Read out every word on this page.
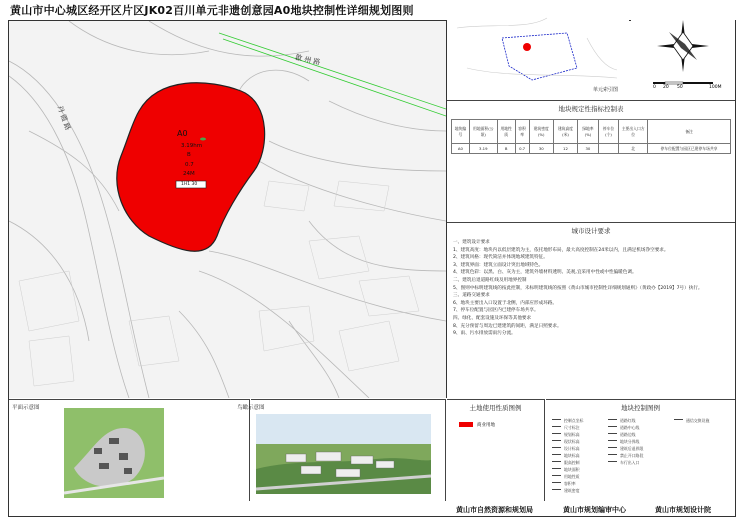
黄山市中心城区经开区片区JK02百川单元非遗创意园A0地块控制性详细规划图则
歙 州 路
丹 霞 路
A0
3.19hm
B
0.7
24M
1H1 30
单元索引图	0 20 50	100M
地块规定性指标控制表
地块编号	用地面积(公顷)	用地性质	容积率	建筑密度(%)	建筑高度(米)	绿地率(%)	停车位(个)	主要出入口方位	备注
A0	3.19	B	0.7	30	12	30		北	停车位配置与园区已建停车场共享
城市设计要求
一、建筑设计要求
1、建筑高度：地块内以低层建筑为主，依托地形布局，最大高度控制在24米以内，且满足机场净空要求。
2、建筑风格：现代简洁并体现地域建筑特征。
3、建筑界面：建筑立面设计突出地域特色。
4、建筑色彩：以黑、白、灰为主，建筑外墙材料透明、美观,宜采用中性或中性偏暖色调。
二、建筑后退道路红线及用地界控制
5、图则中标明建筑线的按此控制，未标明建筑线的按照《黄山市城市控制性详细规划通则》（黄政办【2019】7号）执行。
三、道路交通要求
6、地块主要出入口设置于北侧，内部应形成环路。
7、停车位配置与园区内已建停车场共享。
四、绿化、配套设施及环保等其他要求
8、充分预留与周边已建建筑的间距，满足日照要求。
9、雨、污水排放需雨污分流。
平面示意图	鸟瞰示意图	土地使用性质图例
商业用地
地块控制图例
控制点坐标
尺寸标注
规划标高
现状标高
设计标高
地块标高
限高控制
地块面积
用地性质
容积率
建筑密度
道路红线
道路中心线
道路边线
地块分界线
建筑后退界限
禁止开口路段
车行出入口
通信交换设施
黄山市自然资源和规划局	黄山市规划编审中心	黄山市规划设计院
